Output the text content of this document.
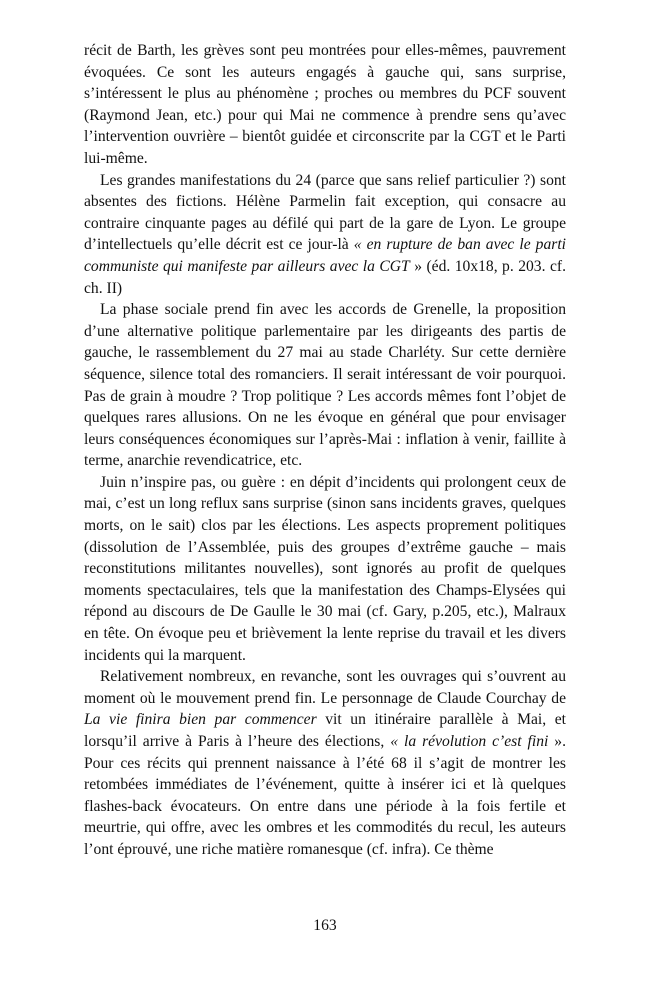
récit de Barth, les grèves sont peu montrées pour elles-mêmes, pauvrement évoquées. Ce sont les auteurs engagés à gauche qui, sans surprise, s’intéressent le plus au phénomène ; proches ou membres du PCF souvent (Raymond Jean, etc.) pour qui Mai ne commence à prendre sens qu’avec l’intervention ouvrière – bientôt guidée et circonscrite par la CGT et le Parti lui-même.

Les grandes manifestations du 24 (parce que sans relief particulier ?) sont absentes des fictions. Hélène Parmelin fait exception, qui consacre au contraire cinquante pages au défilé qui part de la gare de Lyon. Le groupe d’intellectuels qu’elle décrit est ce jour-là « en rupture de ban avec le parti communiste qui manifeste par ailleurs avec la CGT » (éd. 10x18, p. 203. cf. ch. II)

La phase sociale prend fin avec les accords de Grenelle, la proposition d’une alternative politique parlementaire par les dirigeants des partis de gauche, le rassemblement du 27 mai au stade Charléty. Sur cette dernière séquence, silence total des romanciers. Il serait intéressant de voir pourquoi. Pas de grain à moudre ? Trop politique ? Les accords mêmes font l’objet de quelques rares allusions. On ne les évoque en général que pour envisager leurs conséquences économiques sur l’après-Mai : inflation à venir, faillite à terme, anarchie revendicatrice, etc.

Juin n’inspire pas, ou guère : en dépit d’incidents qui prolongent ceux de mai, c’est un long reflux sans surprise (sinon sans incidents graves, quelques morts, on le sait) clos par les élections. Les aspects proprement politiques (dissolution de l’Assemblée, puis des groupes d’extrême gauche – mais reconstitutions militantes nouvelles), sont ignorés au profit de quelques moments spectaculaires, tels que la manifestation des Champs-Elysées qui répond au discours de De Gaulle le 30 mai (cf. Gary, p.205, etc.), Malraux en tête. On évoque peu et brièvement la lente reprise du travail et les divers incidents qui la marquent.

Relativement nombreux, en revanche, sont les ouvrages qui s’ouvrent au moment où le mouvement prend fin. Le personnage de Claude Courchay de La vie finira bien par commencer vit un itinéraire parallèle à Mai, et lorsqu’il arrive à Paris à l’heure des élections, « la révolution c’est fini ». Pour ces récits qui prennent naissance à l’été 68 il s’agit de montrer les retombées immédiates de l’événement, quitte à insérer ici et là quelques flashes-back évocateurs. On entre dans une période à la fois fertile et meurtrie, qui offre, avec les ombres et les commodités du recul, les auteurs l’ont éprouvé, une riche matière romanesque (cf. infra). Ce thème

163
